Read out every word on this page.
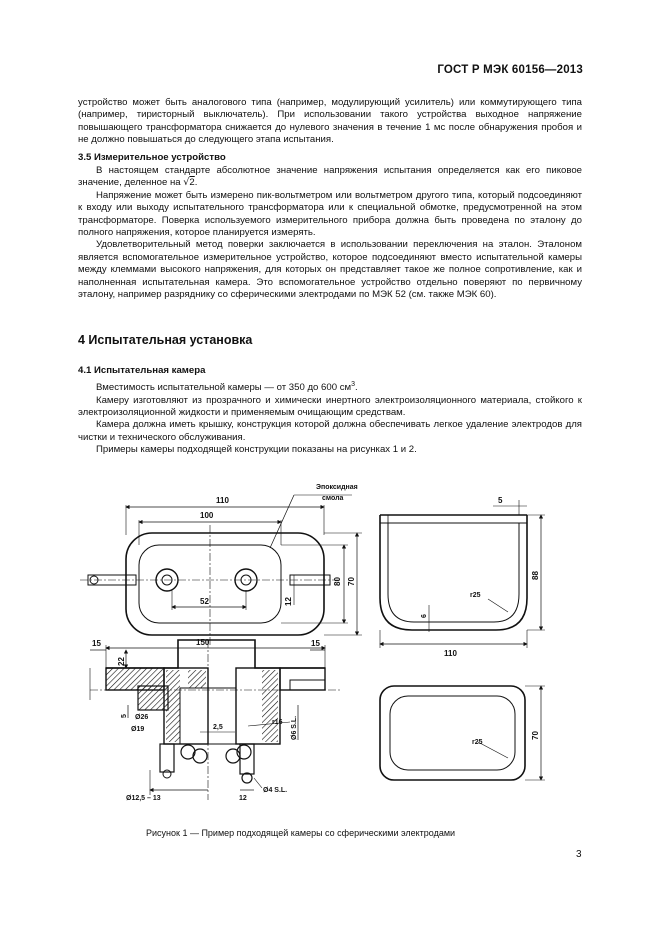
ГОСТ Р МЭК 60156—2013

устройство может быть аналогового типа (например, модулирующий усилитель) или коммутирующего типа (например, тиристорный выключатель). При использовании такого устройства выходное напряжение повышающего трансформатора снижается до нулевого значения в течение 1 мс после обнаружения пробоя и не должно повышаться до следующего этапа испытания.

3.5 Измерительное устройство

В настоящем стандарте абсолютное значение напряжения испытания определяется как его пиковое значение, деленное на √2.

Напряжение может быть измерено пик-вольтметром или вольтметром другого типа, который подсоединяют к входу или выходу испытательного трансформатора или к специальной обмотке, предусмотренной на этом трансформаторе. Поверка используемого измерительного прибора должна быть проведена по эталону до полного напряжения, которое планируется измерять.

Удовлетворительный метод поверки заключается в использовании переключения на эталон. Эталоном является вспомогательное измерительное устройство, которое подсоединяют вместо испытательной камеры между клеммами высокого напряжения, для которых он представляет такое же полное сопротивление, как и наполненная испытательная камера. Это вспомогательное устройство отдельно поверяют по первичному эталону, например разряднику со сферическими электродами по МЭК 52 (см. также МЭК 60).

4 Испытательная установка
4.1 Испытательная камера

Вместимость испытательной камеры — от 350 до 600 $см^3$.

Камеру изготовляют из прозрачного и химически инертного электроизоляционного материала, стойкого к электроизоляционной жидкости и применяемым очищающим средствам.

Камера должна иметь крышку, конструкция которой должна обеспечивать легкое удаление электродов для чистки и технического обслуживания.

Примеры камеры подходящей конструкции показаны на рисунках 1 и 2.

Эпоксидная
смола
110
100
70
80
52	12
150
15	15
22
5 Ø26
Ø19	2,5
r16 Ø6 S.L.
Ø12,5 – 13	12
Ø4 S.L.
5
r25
6
88
110
r25
70
Рисунок 1 — Пример подходящей камеры со сферическими электродами
3
